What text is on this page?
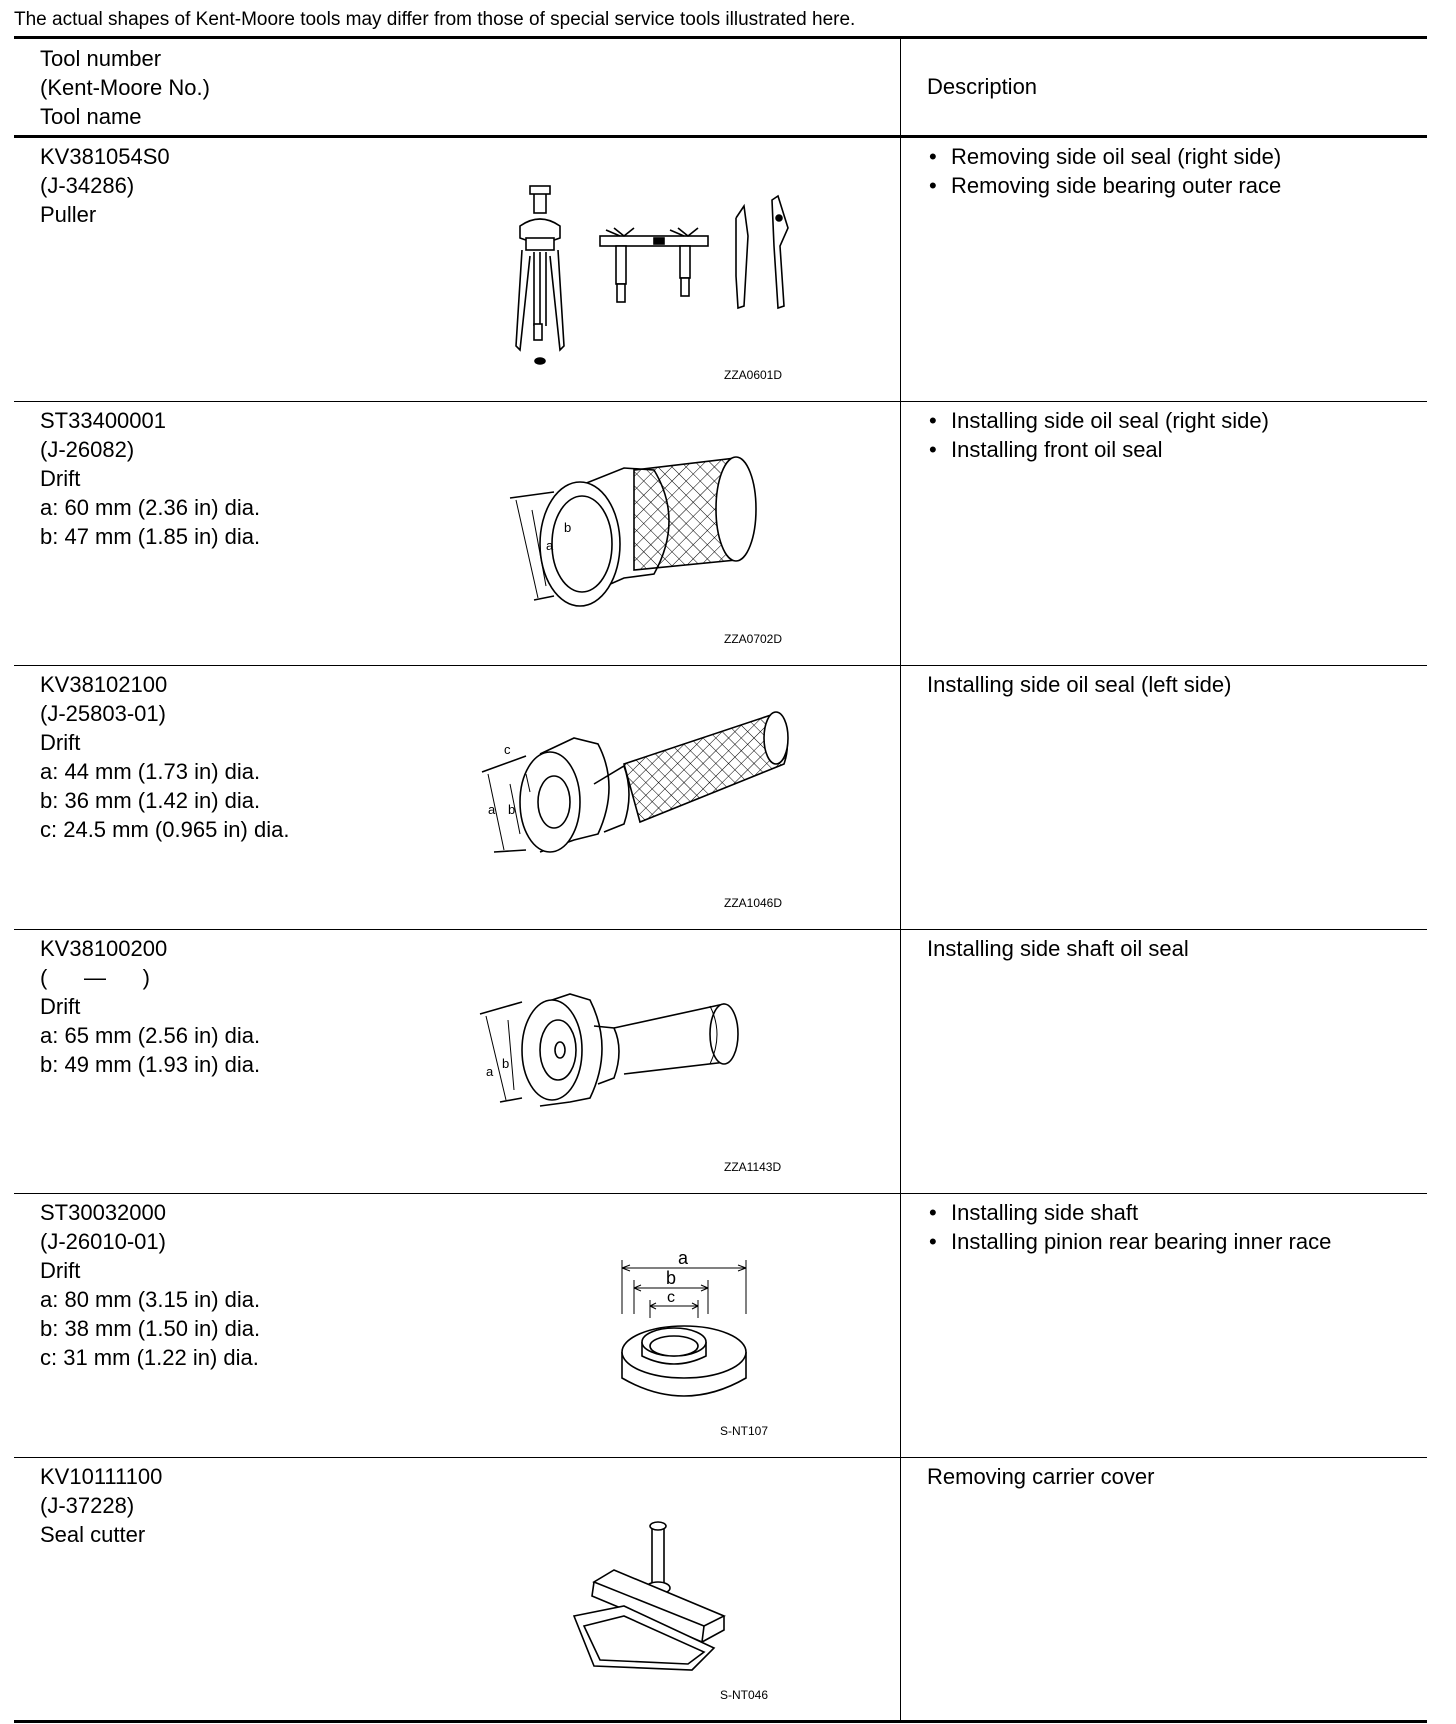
The actual shapes of Kent-Moore tools may differ from those of special service tools illustrated here.
Tool number
(Kent-Moore No.)
Tool name
Description
KV381054S0
(J-34286)
Puller
ZZA0601D
• Removing side oil seal (right side)
• Removing side bearing outer race
ST33400001
(J-26082)
Drift
a: 60 mm (2.36 in) dia.
b: 47 mm (1.85 in) dia.	a
b
ZZA0702D
• Installing side oil seal (right side)
• Installing front oil seal
KV38102100
(J-25803-01)
Drift
a: 44 mm (1.73 in) dia.
b: 36 mm (1.42 in) dia.
c: 24.5 mm (0.965 in) dia.
a b
c
ZZA1046D
Installing side oil seal (left side)
KV38100200
(      —      )
Drift
a: 65 mm (2.56 in) dia.
b: 49 mm (1.93 in) dia.	a
b
ZZA1143D
Installing side shaft oil seal
ST30032000
(J-26010-01)
Drift
a: 80 mm (3.15 in) dia.
b: 38 mm (1.50 in) dia.
c: 31 mm (1.22 in) dia.
a
b
c
S-NT107
• Installing side shaft
• Installing pinion rear bearing inner race
KV10111100
(J-37228)
Seal cutter
S-NT046
Removing carrier cover
